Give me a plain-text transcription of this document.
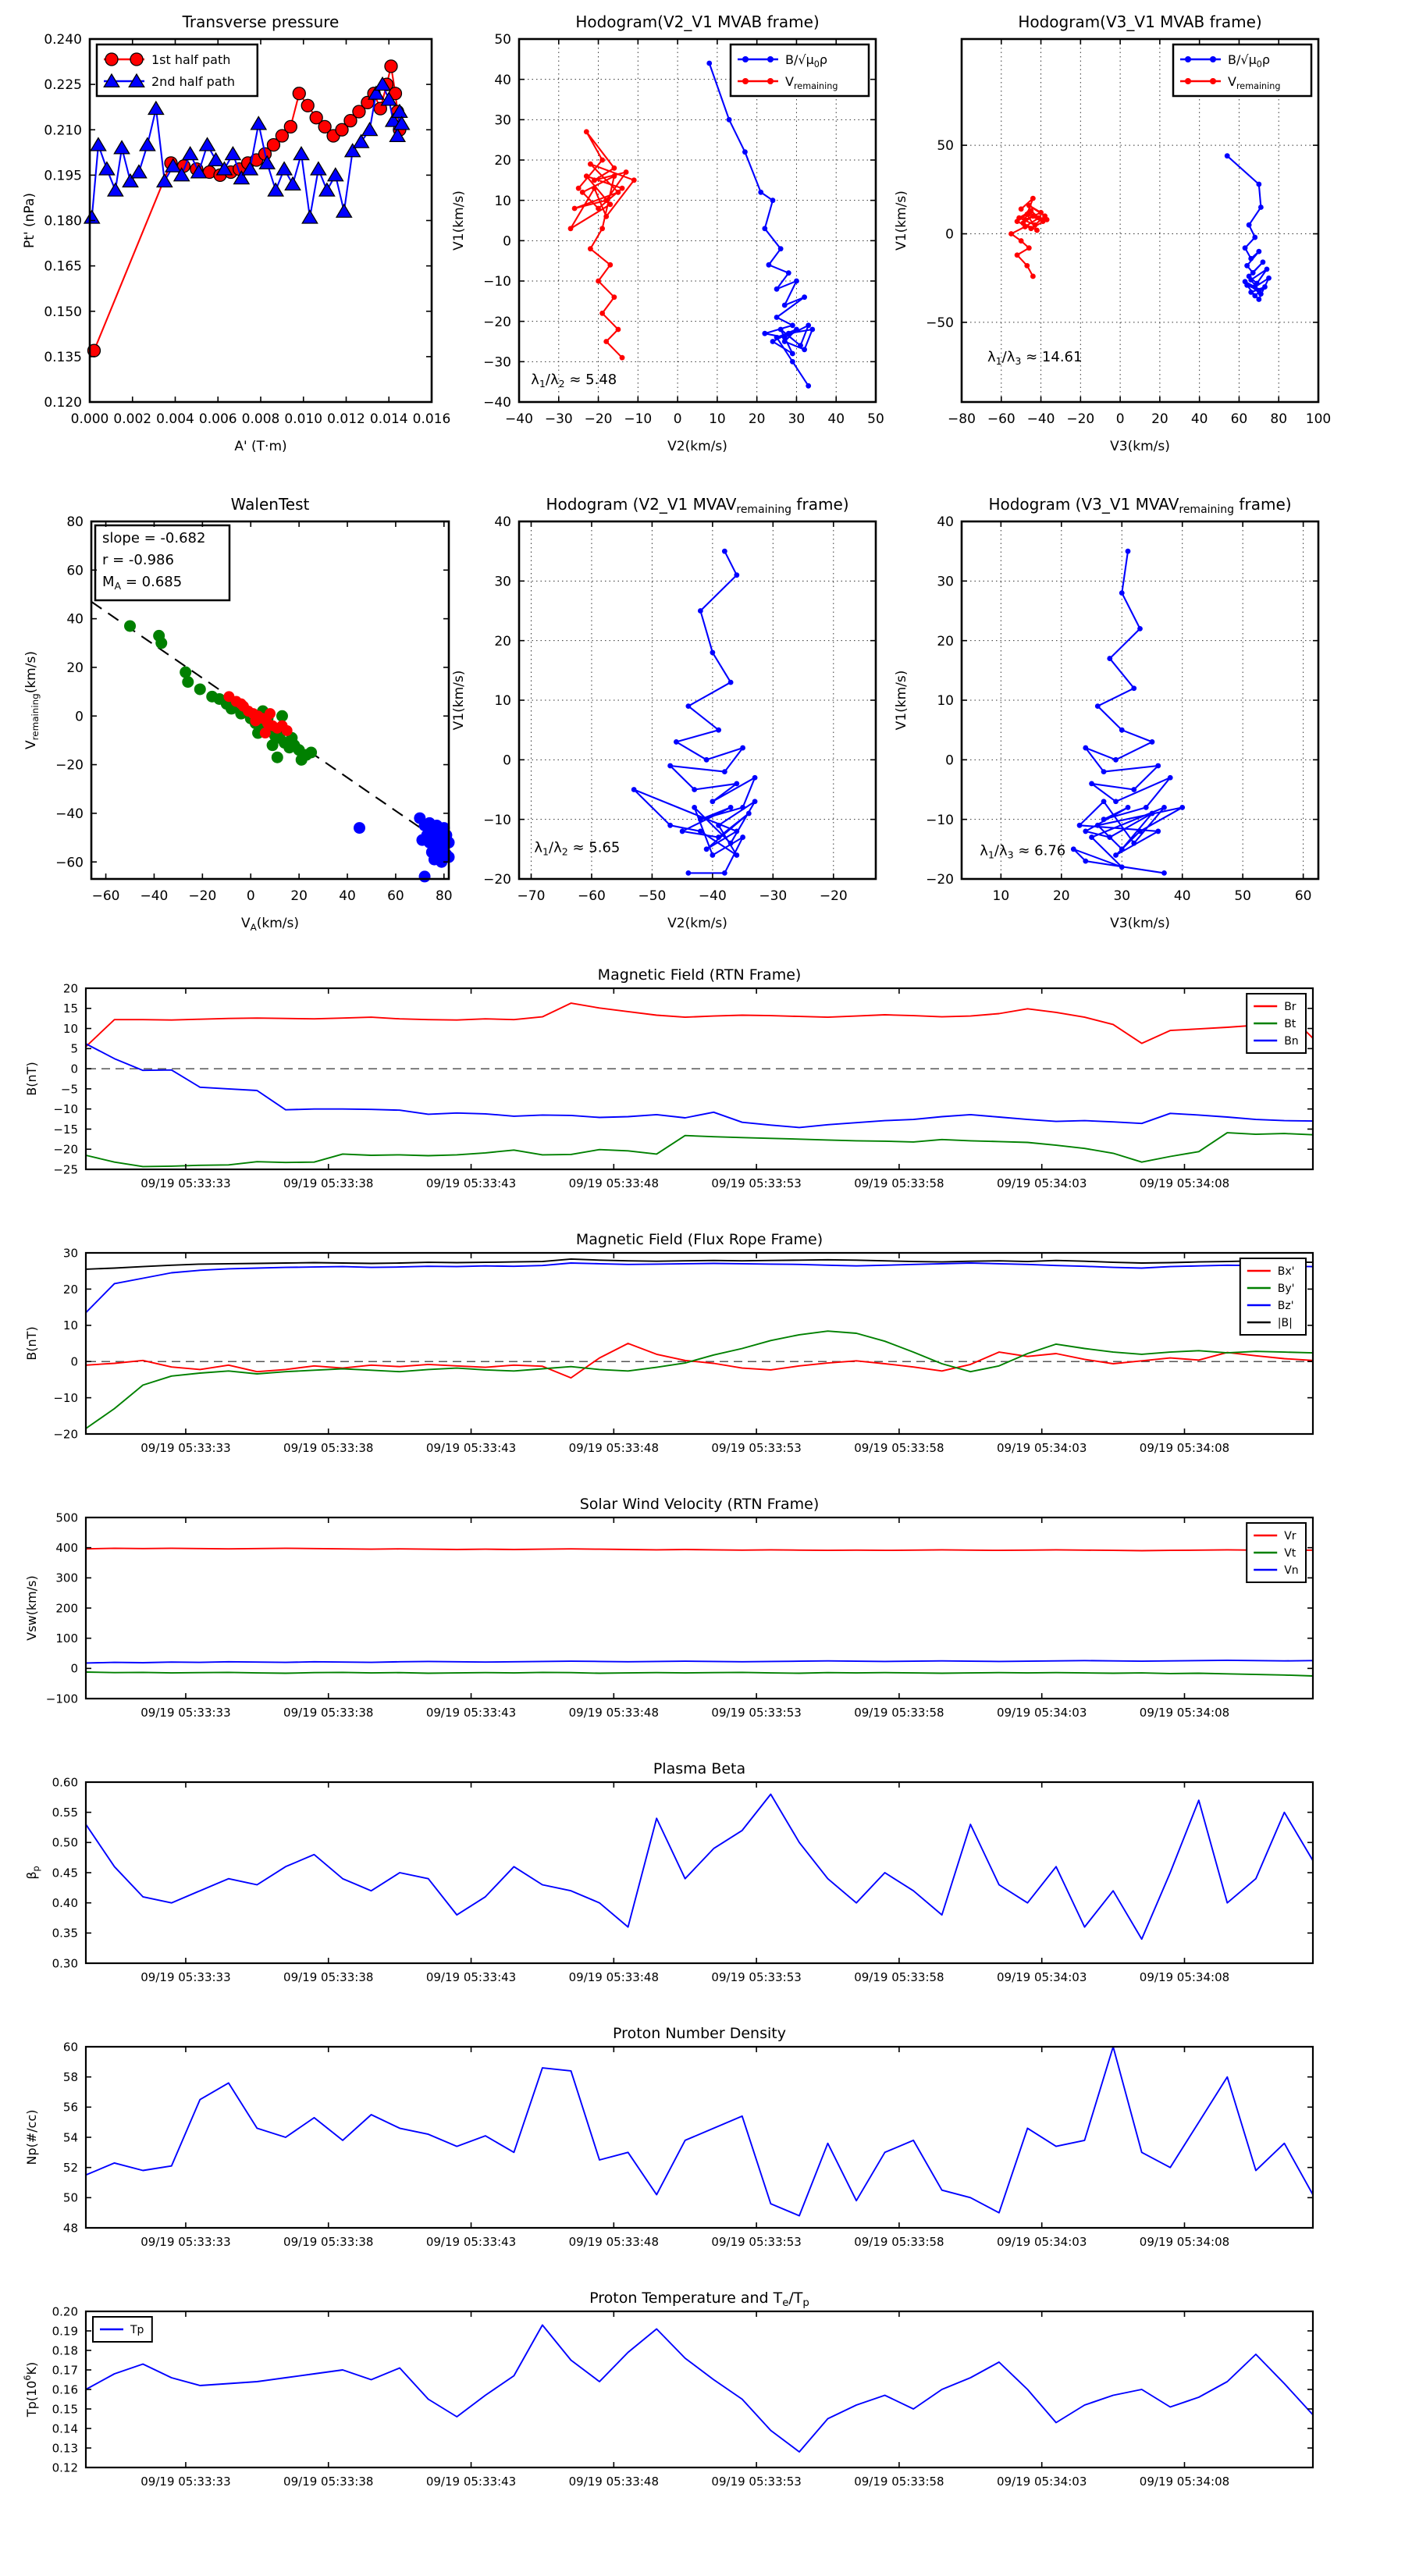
0.000 0.002 0.004 0.006 0.008 0.010 0.012 0.014 0.016
0.120
0.135
0.150
0.165
0.180
0.195
0.210
0.225
0.240
Transverse pressure
A' (T·m)
Pt' (nPa)
1st half path
2nd half path
$\lambda_1/\lambda_2 \approx 5.48$
−40 −30 −20 −10 0 10 20 30 40 50
−40
−30
−20
−10
0
10
20
30
40
50
Hodogram(V2_V1 MVAB frame)
V2(km/s)
V1(km/s)
$B/√\mu_0\rho$
$V_{remaining}$
$\lambda_1/\lambda_3 \approx 14.61$
−80 −60 −40 −20 0 20 40 60 80 100
−50
0
50
Hodogram(V3_V1 MVAB frame)
V3(km/s)
V1(km/s)
$B/√\mu_0\rho$
$V_{remaining}$
slope = -0.682
r = -0.986
$M_A = 0.685$
−60 −40 −20 0	20 40 60 80
−60
−40
−20
0
20
40
60
80
WalenTest
$V_A(km/s)$
$V_{remaining}(km/s)$
$\lambda_1/\lambda_2 \approx 5.65$
−70 −60 −50 −40 −30 −20
−20
−10
0
10
20
30
40
Hodogram (V2_V1 $MVAV_{remaining}$ frame)
V2(km/s)
V1(km/s)
$\lambda_1/\lambda_3 \approx 6.76$
10	20	30	40	50	60
−20
−10
0
10
20
30
40
Hodogram (V3_V1 $MVAV_{remaining}$ frame)
V3(km/s)
V1(km/s)
09/19 05:33:33	09/19 05:33:38	09/19 05:33:43	09/19 05:33:48	09/19 05:33:53	09/19 05:33:58	09/19 05:34:03	09/19 05:34:08
−25
−20
−15
−10
−5
0
5
10
15
20
Magnetic Field (RTN Frame)
B(nT)
Br
Bt
Bn
09/19 05:33:33	09/19 05:33:38	09/19 05:33:43	09/19 05:33:48	09/19 05:33:53	09/19 05:33:58	09/19 05:34:03	09/19 05:34:08
−20
−10
0
10
20
30
Magnetic Field (Flux Rope Frame)
B(nT)
Bx'
By'
Bz'
|B|
09/19 05:33:33	09/19 05:33:38	09/19 05:33:43	09/19 05:33:48	09/19 05:33:53	09/19 05:33:58	09/19 05:34:03	09/19 05:34:08
−100
0
100
200
300
400
500
Solar Wind Velocity (RTN Frame)
Vsw(km/s)
Vr
Vt
Vn
09/19 05:33:33	09/19 05:33:38	09/19 05:33:43	09/19 05:33:48	09/19 05:33:53	09/19 05:33:58	09/19 05:34:03	09/19 05:34:08
0.30
0.35
0.40
0.45
0.50
0.55
0.60
Plasma Beta
$\beta_p$
09/19 05:33:33	09/19 05:33:38	09/19 05:33:43	09/19 05:33:48	09/19 05:33:53	09/19 05:33:58	09/19 05:34:03	09/19 05:34:08
48
50
52
54
56
58
60
Proton Number Density
Np(#/cc)
09/19 05:33:33	09/19 05:33:38	09/19 05:33:43	09/19 05:33:48	09/19 05:33:53	09/19 05:33:58	09/19 05:34:03	09/19 05:34:08
0.12
0.13
0.14
0.15
0.16
0.17
0.18
0.19
0.20
Proton Temperature and $T_e/T_p$
$Tp(10^6K)$
Tp
